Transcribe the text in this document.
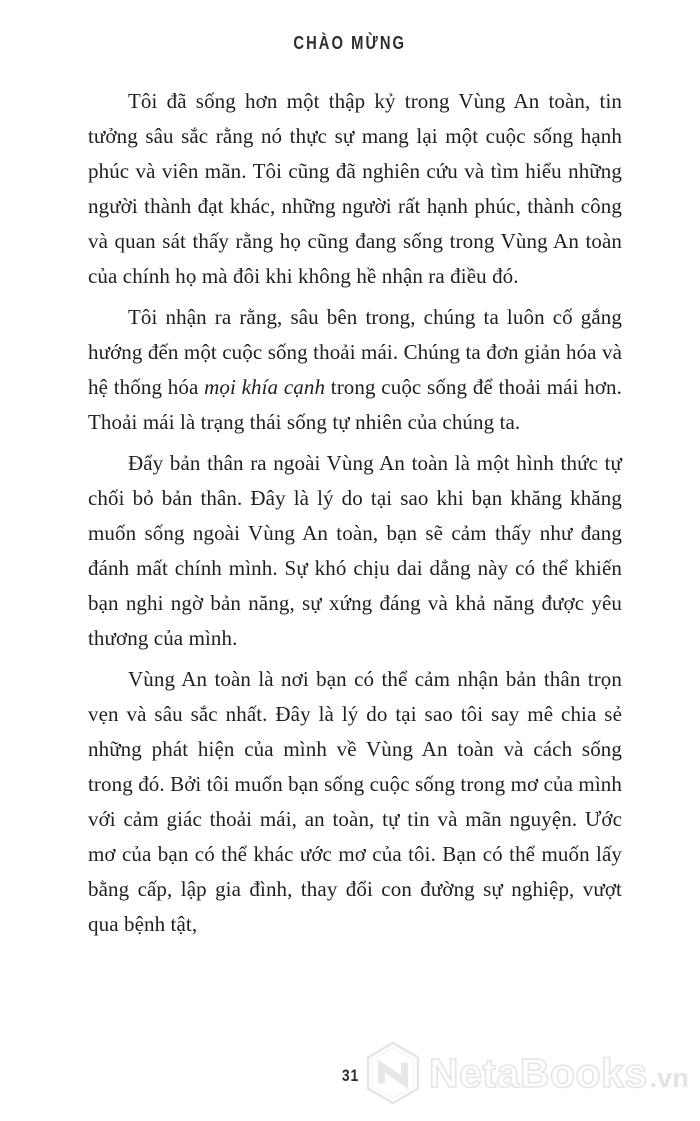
CHÀO MỪNG

Tôi đã sống hơn một thập kỷ trong Vùng An toàn, tin tưởng sâu sắc rằng nó thực sự mang lại một cuộc sống hạnh phúc và viên mãn. Tôi cũng đã nghiên cứu và tìm hiểu những người thành đạt khác, những người rất hạnh phúc, thành công và quan sát thấy rằng họ cũng đang sống trong Vùng An toàn của chính họ mà đôi khi không hề nhận ra điều đó.

Tôi nhận ra rằng, sâu bên trong, chúng ta luôn cố gắng hướng đến một cuộc sống thoải mái. Chúng ta đơn giản hóa và hệ thống hóa mọi khía cạnh trong cuộc sống để thoải mái hơn. Thoải mái là trạng thái sống tự nhiên của chúng ta.

Đẩy bản thân ra ngoài Vùng An toàn là một hình thức tự chối bỏ bản thân. Đây là lý do tại sao khi bạn khăng khăng muốn sống ngoài Vùng An toàn, bạn sẽ cảm thấy như đang đánh mất chính mình. Sự khó chịu dai dẳng này có thể khiến bạn nghi ngờ bản năng, sự xứng đáng và khả năng được yêu thương của mình.

Vùng An toàn là nơi bạn có thể cảm nhận bản thân trọn vẹn và sâu sắc nhất. Đây là lý do tại sao tôi say mê chia sẻ những phát hiện của mình về Vùng An toàn và cách sống trong đó. Bởi tôi muốn bạn sống cuộc sống trong mơ của mình với cảm giác thoải mái, an toàn, tự tin và mãn nguyện. Ước mơ của bạn có thể khác ước mơ của tôi. Bạn có thể muốn lấy bằng cấp, lập gia đình, thay đổi con đường sự nghiệp, vượt qua bệnh tật,

31 NetaBooks .vn
